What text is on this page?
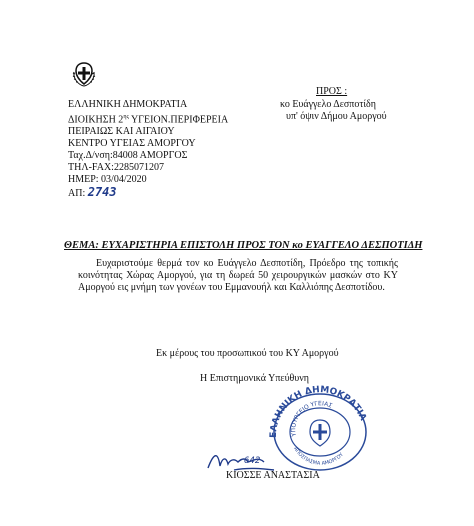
ΕΛΛΗΝΙΚΗ ΔΗΜΟΚΡΑΤΙΑ
ΔΙΟΙΚΗΣΗ $2^{\eta\varsigma}$ ΥΓΕΙΟΝ.ΠΕΡΙΦΕΡΕΙΑ
ΠΕΙΡΑΙΩΣ ΚΑΙ ΑΙΓΑΙΟΥ
ΚΕΝΤΡΟ ΥΓΕΙΑΣ ΑΜΟΡΓΟΥ
Ταχ.Δ/νση:84008 ΑΜΟΡΓΟΣ
ΤΗΛ-FAX:2285071207
ΗΜΕΡ: 03/04/2020
ΑΠ: 2743
ΠΡΟΣ :
κο Ευάγγελο Δεσποτίδη
υπ' όψιν Δήμου Αμοργού
ΘΕΜΑ: ΕΥΧΑΡΙΣΤΗΡΙΑ ΕΠΙΣΤΟΛΗ ΠΡΟΣ ΤΟΝ κο ΕΥΑΓΓΕΛΟ ΔΕΣΠΟΤΙΔΗ
Ευχαριστούμε θερμά τον κο Ευάγγελο Δεσποτίδη, Πρόεδρο της τοπικής κοινότητας Χώρας Αμοργού, για τη δωρεά 50 χειρουργικών μασκών στο ΚΥ Αμοργού εις μνήμη των γονέων του Εμμανουήλ και Καλλιόπης Δεσποτίδου.
Εκ μέρους του προσωπικού του ΚΥ Αμοργού
Η Επιστημονικά Υπεύθυνη
642
ΚΙΟΣΣΕ ΑΝΑΣΤΑΣΙΑ
ΕΛΛΗΝΙΚΗ ΔΗΜΟΚΡΑΤΙΑ
ΥΠΟΥΡΓΕΙΟ ΥΓΕΙΑΣ
ΑΠΟΣΠΑΣΜΑ ΑΜΟΡΓΟΥ
